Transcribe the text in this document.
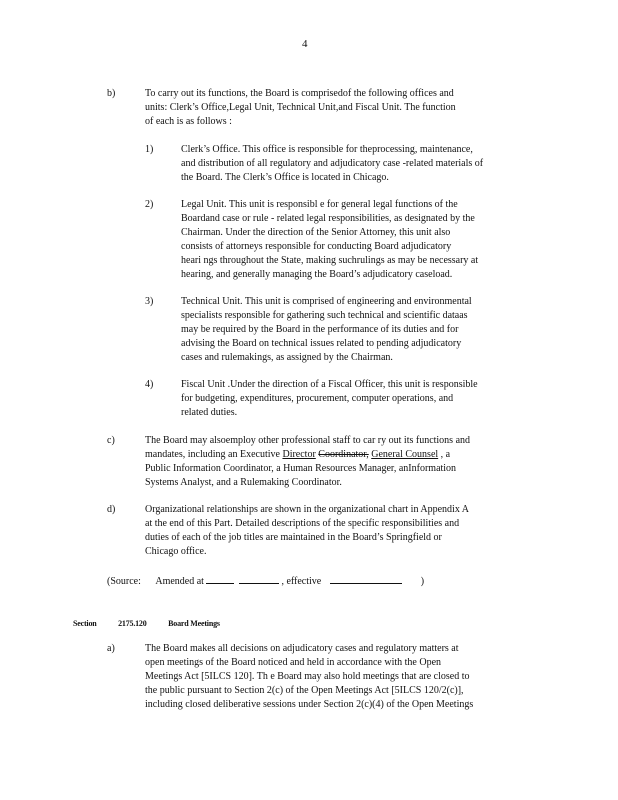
4
b)	To carry out its functions, the Board is comprisedof the following offices and
units: Clerk’s Office,Legal Unit, Technical Unit,and Fiscal Unit. The function
of each is as follows :
1)	Clerk’s Office. This office is responsible for theprocessing, maintenance,
and distribution of all regulatory and adjudicatory case -related materials of
the Board. The Clerk’s Office is located in Chicago.
2)	Legal Unit. This unit is responsibl e for general legal functions of the
Boardand case or rule - related legal responsibilities, as designated by the
Chairman. Under the direction of the Senior Attorney, this unit also
consists of attorneys responsible for conducting Board adjudicatory
heari ngs throughout the State, making suchrulings as may be necessary at
hearing, and generally managing the Board’s adjudicatory caseload.
3)	Technical Unit. This unit is comprised of engineering and environmental
specialists responsible for gathering such technical and scientific dataas
may be required by the Board in the performance of its duties and for
advising the Board on technical issues related to pending adjudicatory
cases and rulemakings, as assigned by the Chairman.
4)	Fiscal Unit .Under the direction of a Fiscal Officer, this unit is responsible
for budgeting, expenditures, procurement, computer operations, and
related duties.
c)	The Board may alsoemploy other professional staff to car ry out its functions and
mandates, including an Executive Director Coordinator, General Counsel , a
Public Information Coordinator, a Human Resources Manager, anInformation
Systems Analyst, and a Rulemaking Coordinator.
d)	Organizational relationships are shown in the organizational chart in Appendix A
at the end of this Part. Detailed descriptions of the specific responsibilities and
duties of each of the job titles are maintained in the Board’s Springfield or
Chicago office.
(Source: Amended at	, effective	)
Section	2175.120	Board Meetings
a)	The Board makes all decisions on adjudicatory cases and regulatory matters at
open meetings of the Board noticed and held in accordance with the Open
Meetings Act [5ILCS 120]. Th e Board may also hold meetings that are closed to
the public pursuant to Section 2(c) of the Open Meetings Act [5ILCS 120/2(c)],
including closed deliberative sessions under Section 2(c)(4) of the Open Meetings
